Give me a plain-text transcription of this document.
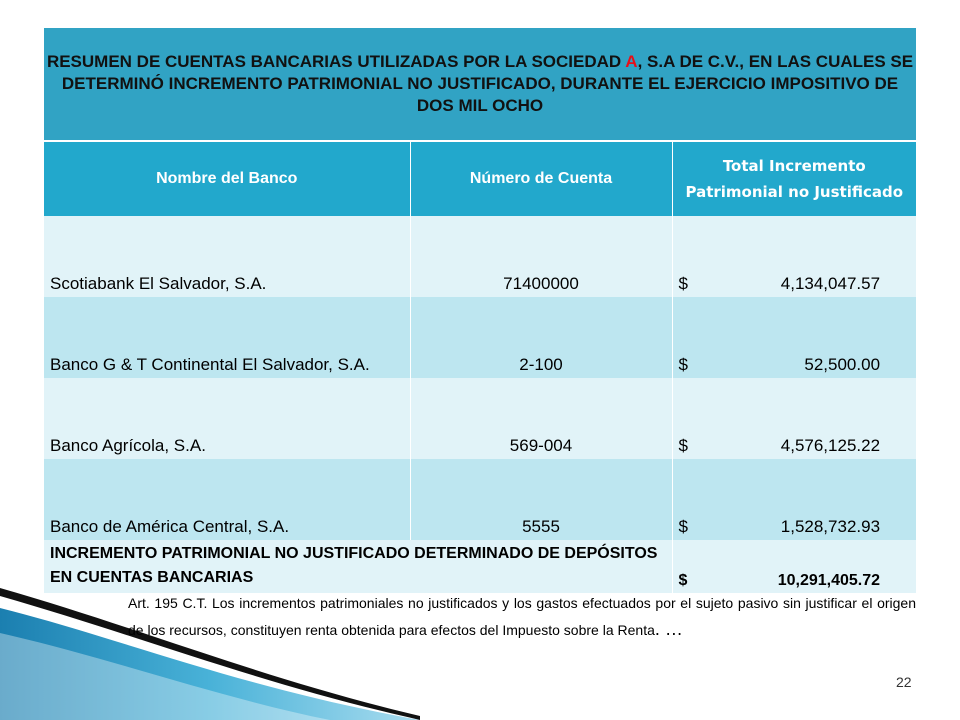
RESUMEN DE CUENTAS BANCARIAS UTILIZADAS POR LA SOCIEDAD A, S.A DE C.V., EN LAS CUALES SE DETERMINÓ INCREMENTO PATRIMONIAL NO JUSTIFICADO, DURANTE EL EJERCICIO IMPOSITIVO DE DOS MIL OCHO		
Nombre del Banco	Número de Cuenta	Total Incremento Patrimonial no Justificado
Scotiabank El Salvador, S.A.	71400000	$ 4,134,047.57

Banco G & T Continental El Salvador, S.A.	2-100	$ 52,500.00

Banco Agrícola, S.A.	569-004	$ 4,576,125.22

Banco de América Central, S.A.	5555	$ 1,528,732.93

INCREMENTO PATRIMONIAL NO JUSTIFICADO DETERMINADO DE DEPÓSITOS EN CUENTAS BANCARIAS		$ 10,291,405.72
Art. 195 C.T. Los incrementos patrimoniales no justificados y los gastos efectuados por el sujeto pasivo sin justificar el origen de los recursos, constituyen renta obtenida para efectos del Impuesto sobre la Renta. …
22
